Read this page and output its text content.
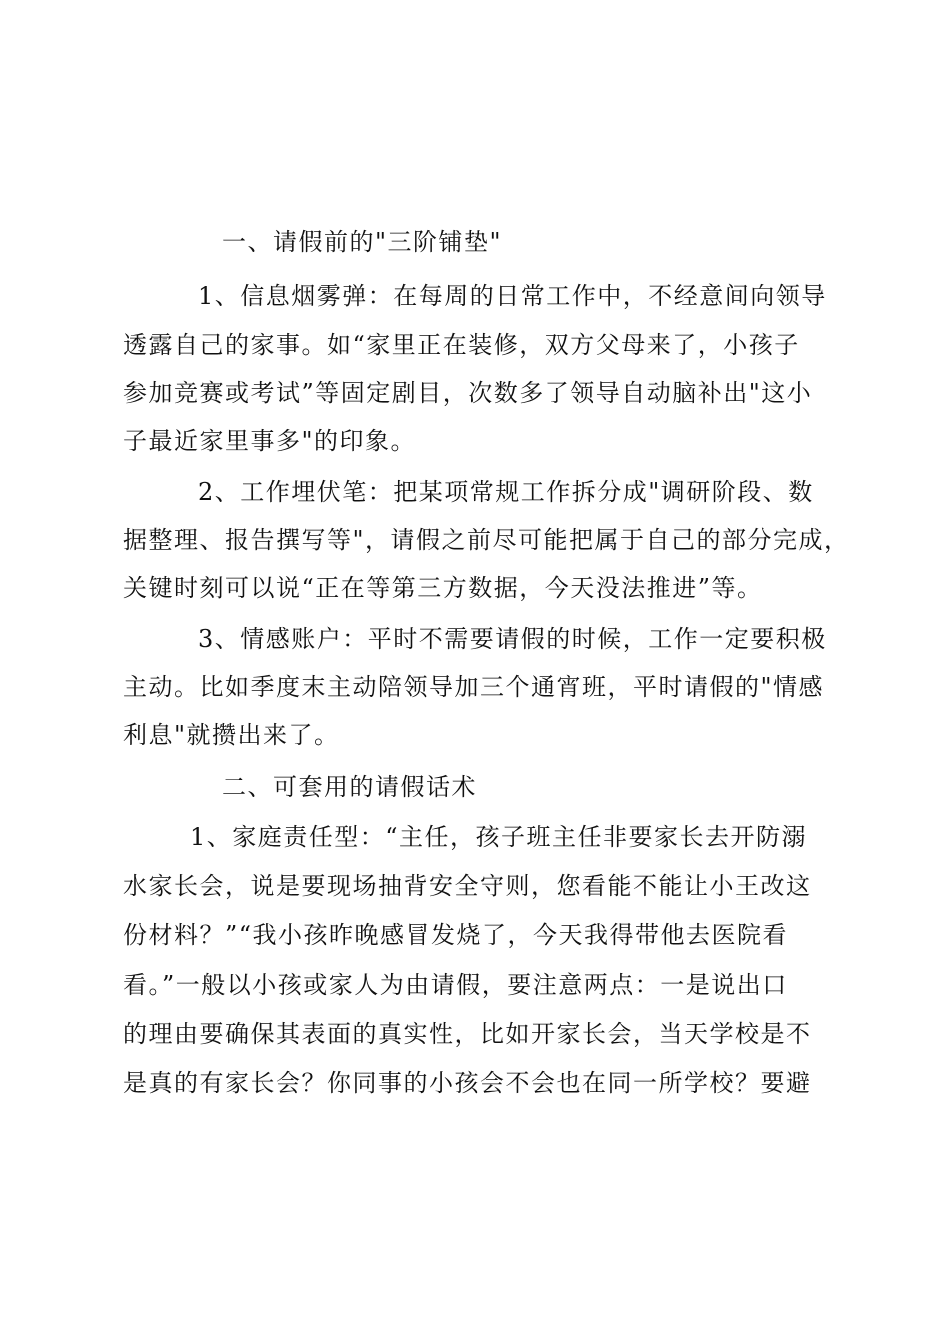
一、请假前的"三阶铺垫"
1、信息烟雾弹：在每周的日常工作中，不经意间向领导
透露自己的家事。如“家里正在装修，双方父母来了，小孩子
参加竞赛或考试”等固定剧目，次数多了领导自动脑补出"这小
子最近家里事多"的印象。
2、工作埋伏笔：把某项常规工作拆分成"调研阶段、数
据整理、报告撰写等"，请假之前尽可能把属于自己的部分完成，
关键时刻可以说“正在等第三方数据，今天没法推进”等。
3、情感账户：平时不需要请假的时候，工作一定要积极
主动。比如季度末主动陪领导加三个通宵班，平时请假的"情感
利息"就攒出来了。
二、可套用的请假话术
1、家庭责任型：“主任，孩子班主任非要家长去开防溺
水家长会，说是要现场抽背安全守则，您看能不能让小王改这
份材料？”“我小孩昨晚感冒发烧了，今天我得带他去医院看
看。”一般以小孩或家人为由请假，要注意两点：一是说出口
的理由要确保其表面的真实性，比如开家长会，当天学校是不
是真的有家长会？你同事的小孩会不会也在同一所学校？要避
